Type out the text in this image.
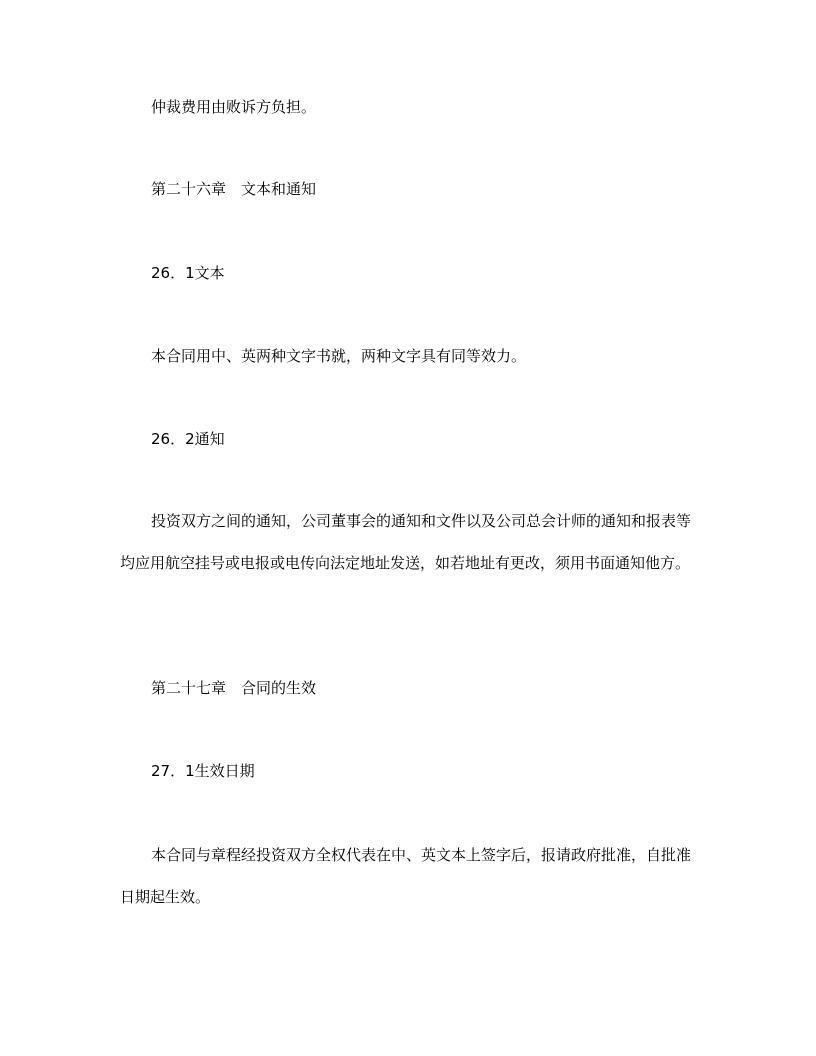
仲裁费用由败诉方负担。
第二十六章　文本和通知
26．1文本
本合同用中、英两种文字书就，两种文字具有同等效力。
26．2通知
投资双方之间的通知，公司董事会的通知和文件以及公司总会计师的通知和报表等均应用航空挂号或电报或电传向法定地址发送，如若地址有更改，须用书面通知他方。
第二十七章　合同的生效
27．1生效日期
本合同与章程经投资双方全权代表在中、英文本上签字后，报请政府批准，自批准日期起生效。
